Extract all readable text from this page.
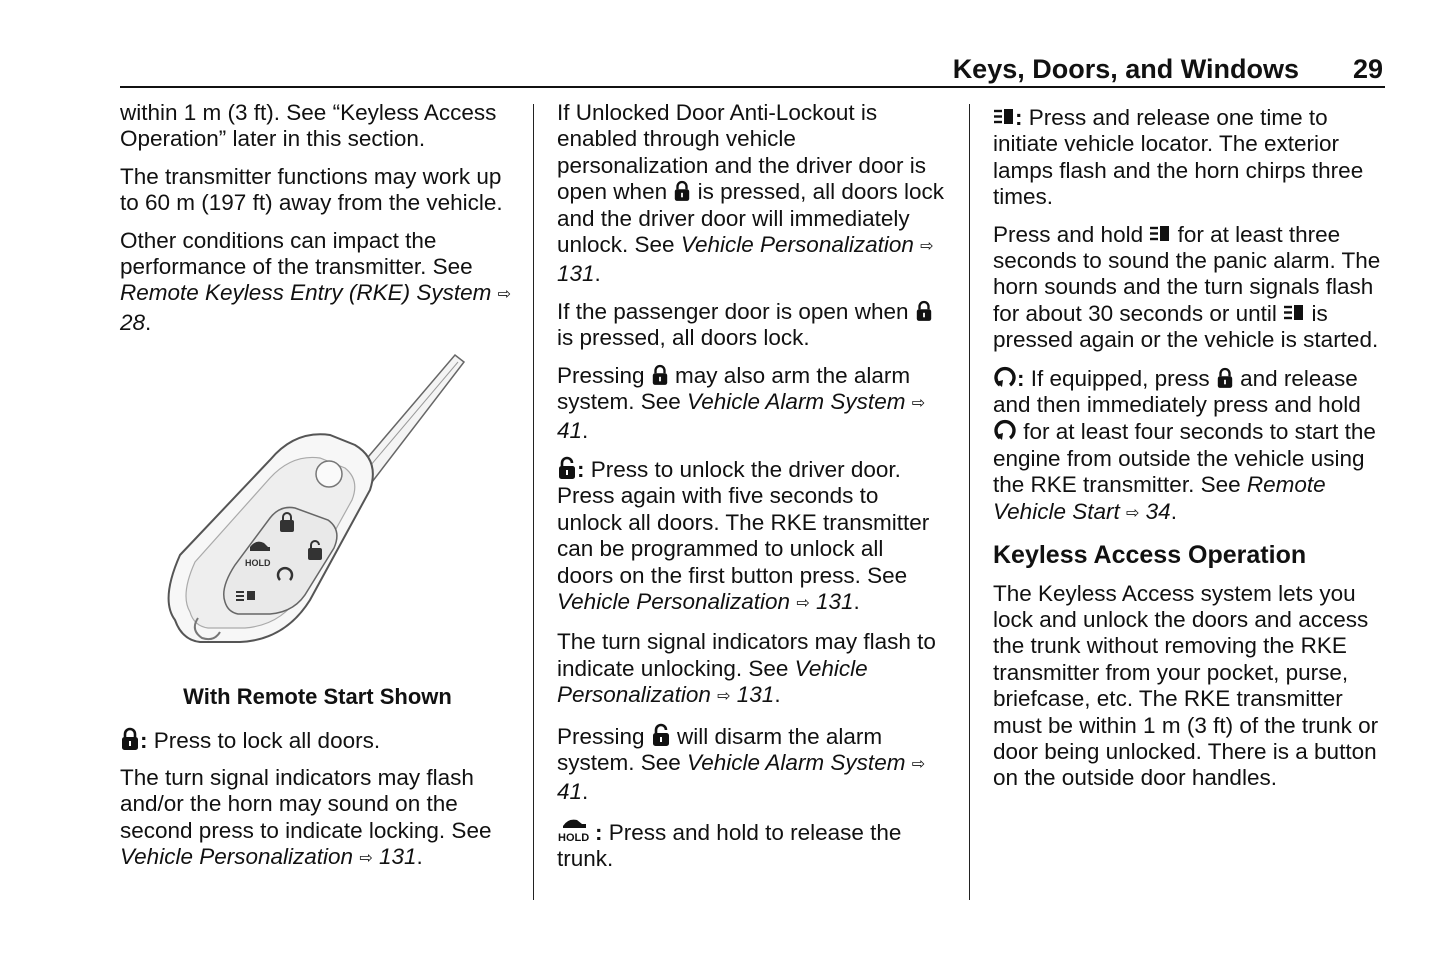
Keys, Doors, and Windows 29

within 1 m (3 ft). See “Keyless Access Operation” later in this section.

The transmitter functions may work up to 60 m (197 ft) away from the vehicle.

Other conditions can impact the performance of the transmitter. See Remote Keyless Entry (RKE) System ⇨ 28.

HOLD
With Remote Start Shown

: Press to lock all doors.

The turn signal indicators may flash and/or the horn may sound on the second press to indicate locking. See Vehicle Personalization ⇨ 131.

If Unlocked Door Anti-Lockout is enabled through vehicle personalization and the driver door is open when  is pressed, all doors lock and the driver door will immediately unlock. See Vehicle Personalization ⇨ 131.

If the passenger door is open when  is pressed, all doors lock.

Pressing  may also arm the alarm system. See Vehicle Alarm System ⇨ 41.

: Press to unlock the driver door. Press again with five seconds to unlock all doors. The RKE transmitter can be programmed to unlock all doors on the first button press. See Vehicle Personalization ⇨ 131.

The turn signal indicators may flash to indicate unlocking. See Vehicle Personalization ⇨ 131.

Pressing  will disarm the alarm system. See Vehicle Alarm System ⇨ 41.

HOLD : Press and hold to release the trunk.

: Press and release one time to initiate vehicle locator. The exterior lamps flash and the horn chirps three times.

Press and hold  for at least three seconds to sound the panic alarm. The horn sounds and the turn signals flash for about 30 seconds or until  is pressed again or the vehicle is started.

: If equipped, press  and release and then immediately press and hold  for at least four seconds to start the engine from outside the vehicle using the RKE transmitter. See Remote Vehicle Start ⇨ 34.

Keyless Access Operation

The Keyless Access system lets you lock and unlock the doors and access the trunk without removing the RKE transmitter from your pocket, purse, briefcase, etc. The RKE transmitter must be within 1 m (3 ft) of the trunk or door being unlocked. There is a button on the outside door handles.
